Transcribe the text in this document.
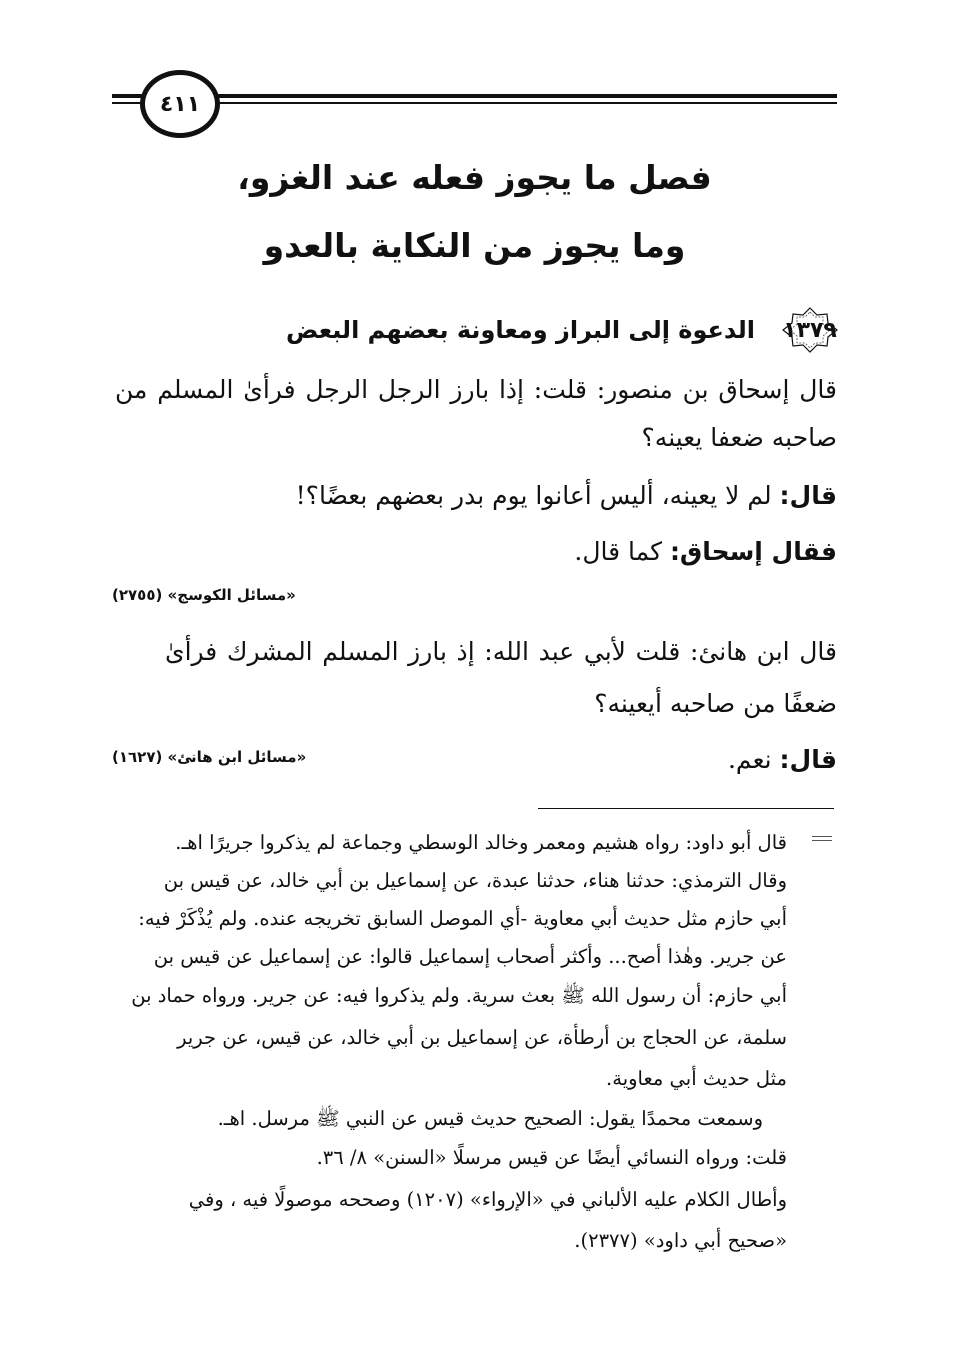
٤١١
فصل ما يجوز فعله عند الغزو،
وما يجوز من النكاية بالعدو
١٣٧٩
الدعوة إلى البراز ومعاونة بعضهم البعض
قال إسحاق بن منصور: قلت: إذا بارز الرجل الرجل فرأىٰ المسلم من
صاحبه ضعفا يعينه؟
قال: لم لا يعينه، أليس أعانوا يوم بدر بعضهم بعضًا؟!
فقال إسحاق: كما قال.
«مسائل الكوسج» (٢٧٥٥)
قال ابن هانئ: قلت لأبي عبد الله: إذ بارز المسلم المشرك فرأىٰ
ضعفًا من صاحبه أيعينه؟
قال: نعم.
«مسائل ابن هانئ» (١٦٢٧)
قال أبو داود: رواه هشيم ومعمر وخالد الوسطي وجماعة لم يذكروا جريرًا اهـ.
وقال الترمذي: حدثنا هناء، حدثنا عبدة، عن إسماعيل بن أبي خالد، عن قيس بن
أبي حازم مثل حديث أبي معاوية -أي الموصل السابق تخريجه عنده. ولم يُذْكَرْ فيه:
عن جرير. وهٰذا أصح... وأكثر أصحاب إسماعيل قالوا: عن إسماعيل عن قيس بن
أبي حازم: أن رسول الله ﷺ بعث سرية. ولم يذكروا فيه: عن جرير. ورواه حماد بن
سلمة، عن الحجاج بن أرطأة، عن إسماعيل بن أبي خالد، عن قيس، عن جرير
مثل حديث أبي معاوية.
وسمعت محمدًا يقول: الصحيح حديث قيس عن النبي ﷺ مرسل. اهـ.
قلت: ورواه النسائي أيضًا عن قيس مرسلًا «السنن» ٨/ ٣٦.
وأطال الكلام عليه الألباني في «الإرواء» (١٢٠٧) وصححه موصولًا فيه ، وفي
«صحيح أبي داود» (٢٣٧٧).
